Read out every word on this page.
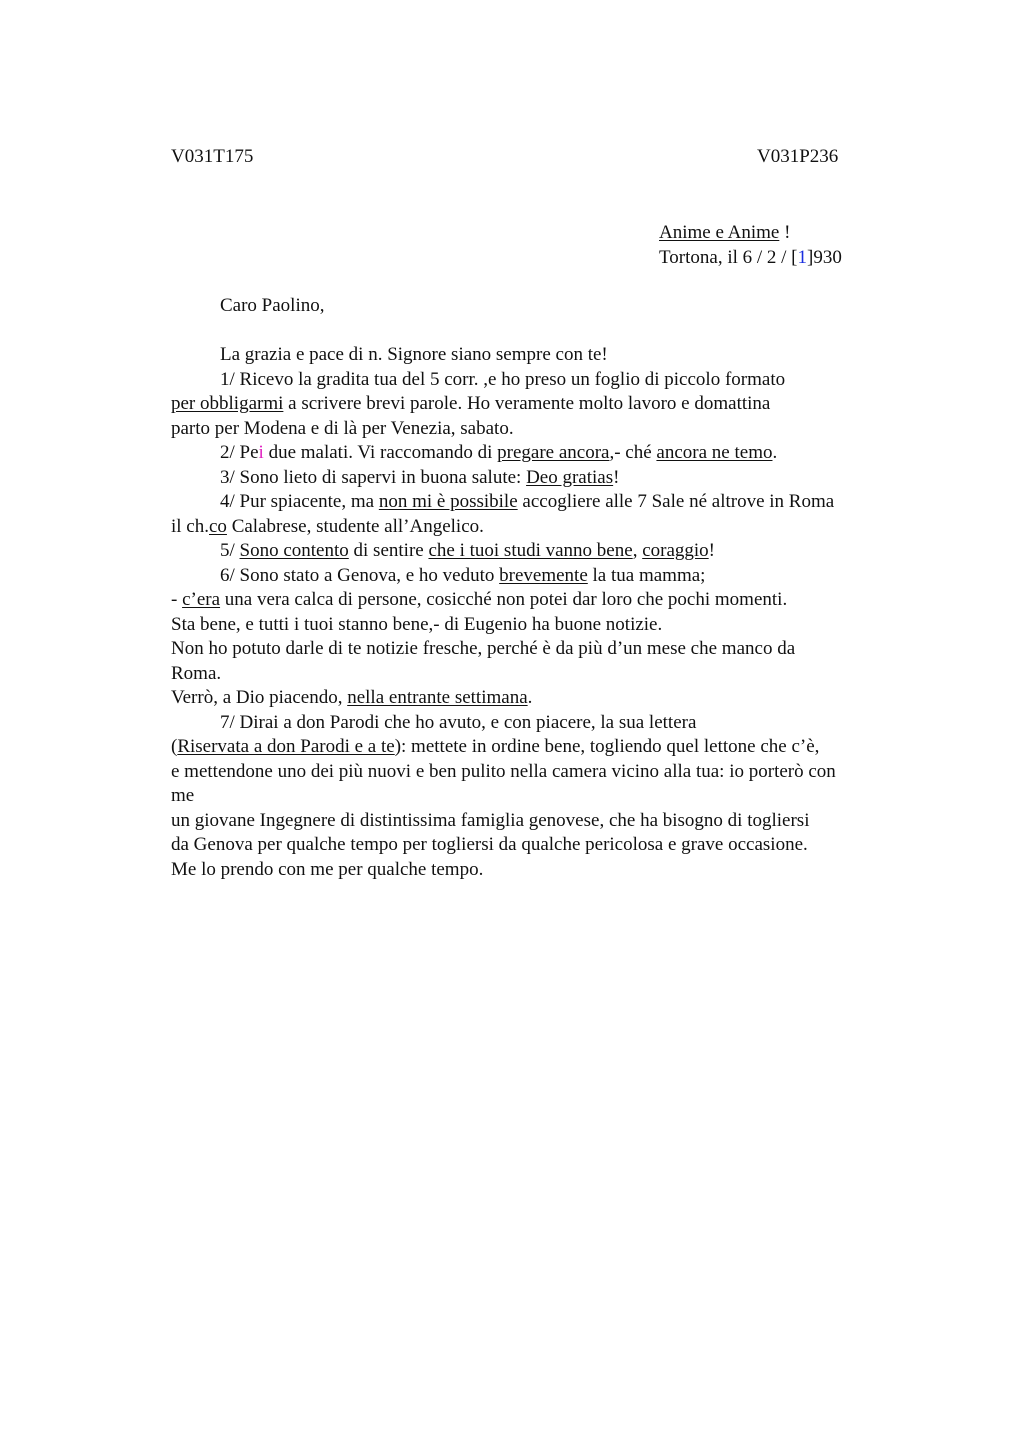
V031T175	V031P236
Anime e Anime !
Tortona, il 6 / 2 / [1]930
Caro Paolino,
La grazia e pace di n. Signore siano sempre con te!
1/ Ricevo la gradita tua del 5 corr. ,e ho preso un foglio di piccolo formato
per obbligarmi a scrivere brevi parole. Ho veramente molto lavoro e domattina
parto per Modena e di là per Venezia, sabato.
2/ Pei due malati. Vi raccomando di pregare ancora,- ché ancora ne temo.
3/ Sono lieto di sapervi in buona salute: Deo gratias!
4/ Pur spiacente, ma non mi è possibile accogliere alle 7 Sale né altrove in Roma
il ch.co Calabrese, studente all’Angelico.
5/ Sono contento di sentire che i tuoi studi vanno bene, coraggio!
6/ Sono stato a Genova, e ho veduto brevemente la tua mamma;
- c’era una vera calca di persone, cosicché non potei dar loro che pochi momenti.
Sta bene, e tutti i tuoi stanno bene,- di Eugenio ha buone notizie.
Non ho potuto darle di te notizie fresche, perché è da più d’un mese che manco da
Roma.
Verrò, a Dio piacendo, nella entrante settimana.
7/ Dirai a don Parodi che ho avuto, e con piacere, la sua lettera
(Riservata a don Parodi e a te): mettete in ordine bene, togliendo quel lettone che c’è,
e mettendone uno dei più nuovi e ben pulito nella camera vicino alla tua: io porterò con
me
un giovane Ingegnere di distintissima famiglia genovese, che ha bisogno di togliersi
da Genova per qualche tempo per togliersi da qualche pericolosa e grave occasione.
Me lo prendo con me per qualche tempo.
